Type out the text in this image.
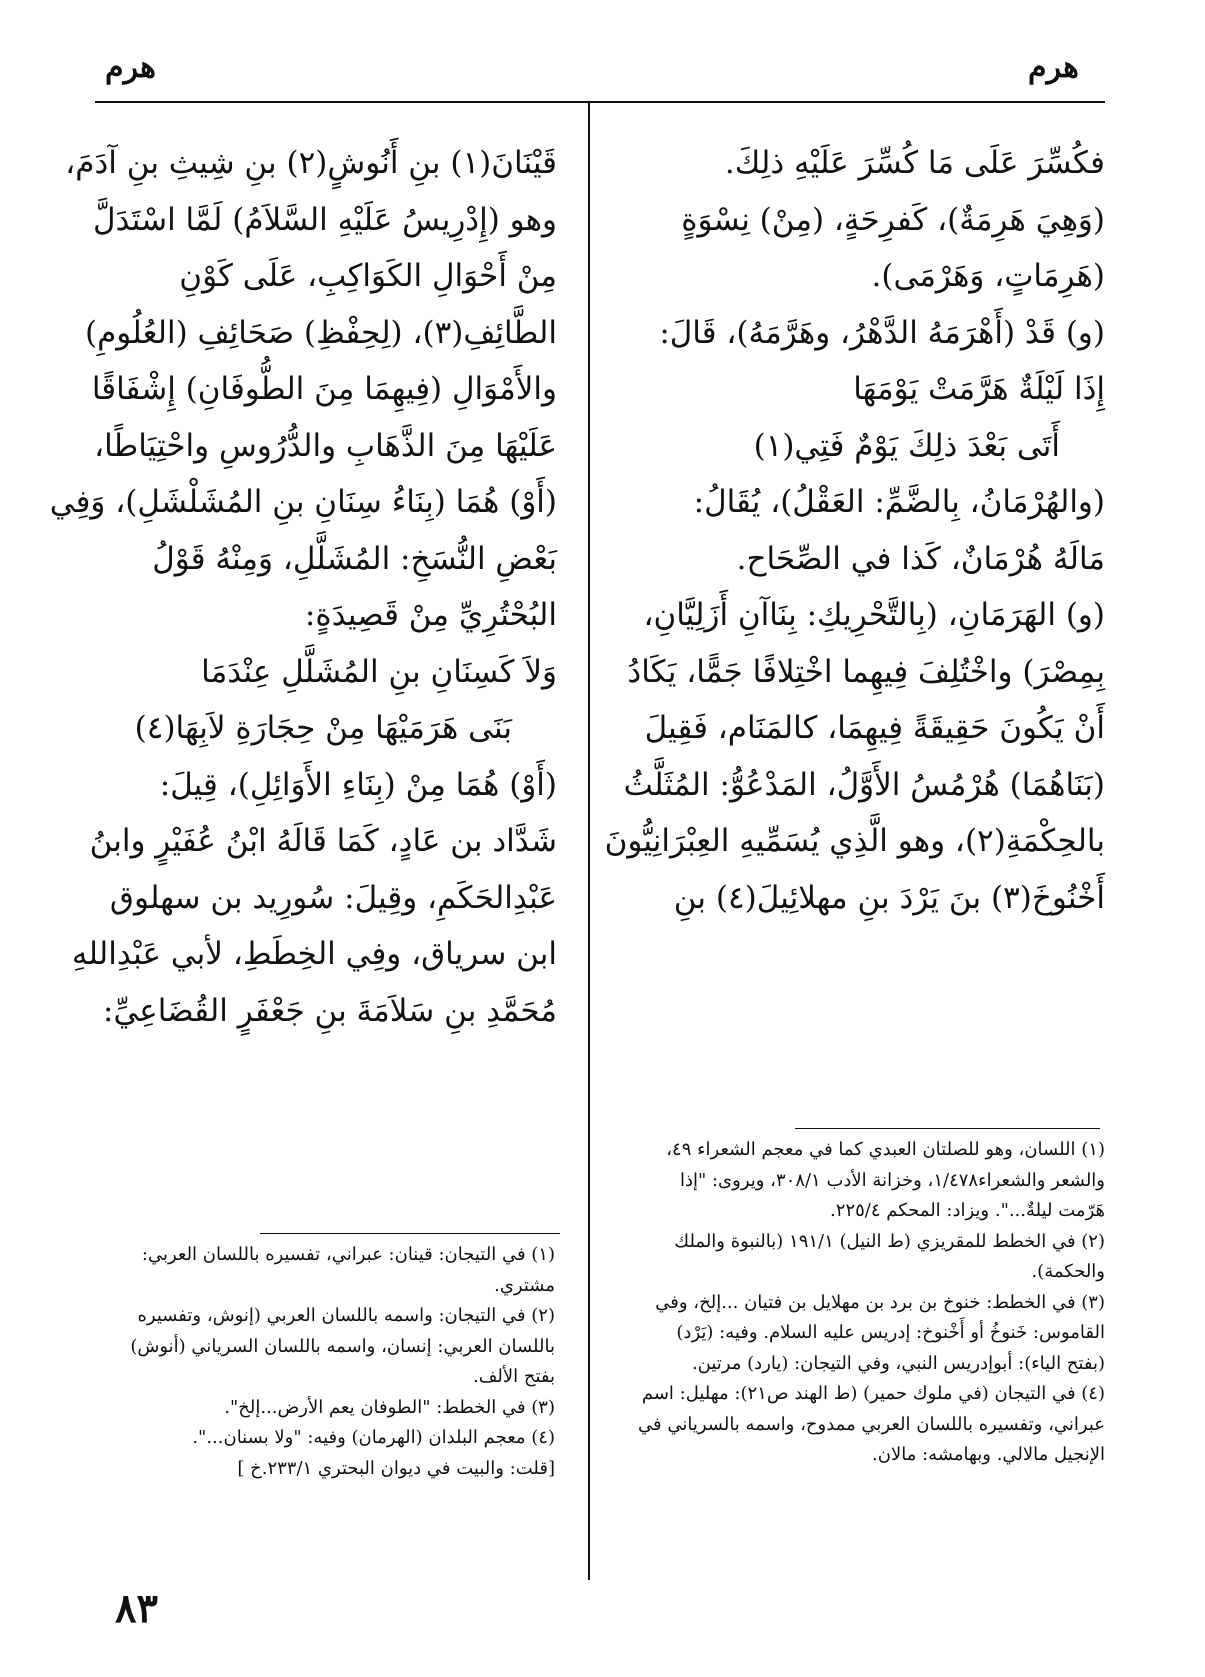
هرم
هرم
فكُسِّرَ عَلَى مَا كُسِّرَ عَلَيْهِ ذلِكَ.
(وَهِيَ هَرِمَةٌ)، كَفرِحَةٍ، (مِنْ) نِسْوَةٍ
(هَرِمَاتٍ، وَهَرْمَى).
(و) قَدْ (أَهْرَمَهُ الدَّهْرُ، وهَرَّمَهُ)، قَالَ:
إِذَا لَيْلَةٌ هَرَّمَتْ يَوْمَهَا
أَتَى بَعْدَ ذلِكَ يَوْمٌ فَتِي(١)
(والهُرْمَانُ، بِالضَّمِّ: العَقْلُ)، يُقَالُ:
مَالَهُ هُرْمَانٌ، كَذا في الصِّحَاح.
(و) الهَرَمَانِ، (بِالتَّحْرِيكِ: بِنَاآنِ أَزَلِيَّانِ،
بِمِصْرَ) واخْتُلِفَ فِيهِما اخْتِلافًا جَمًّا، يَكَادُ
أَنْ يَكُونَ حَقِيقَةً فِيهِمَا، كالمَنَام، فَقِيلَ
(بَنَاهُمَا) هُرْمُسُ الأَوَّلُ، المَدْعُوُّ: المُثَلَّثُ
بالحِكْمَةِ(٢)، وهو الَّذِي يُسَمِّيهِ العِبْرَانِيُّونَ
أَخْنُوخَ(٣) بنَ يَرْدَ بنِ مهلائِيلَ(٤) بنِ

(١) اللسان، وهو للصلتان العبدي كما في معجم الشعراء ٤٩، والشعر والشعراء١/٤٧٨، وخزانة الأدب ٣٠٨/١، ويروى: "إذا هَرّمت ليلةٌ...". ويزاد: المحكم ٢٢٥/٤.

(٢) في الخطط للمقريزي (ط النيل) ١٩١/١ (بالنبوة والملك والحكمة).

(٣) في الخطط: خنوخ بن برد بن مهلايل بن فتيان ...إلخ، وفي القاموس: خَنوخُ أو أَخْنوخ: إدريس عليه السلام. وفيه: (يَرْد) (بفتح الياء): أبوإدريس النبي، وفي التيجان: (يارد) مرتين.

(٤) في التيجان (في ملوك حمير) (ط الهند ص٢١): مهليل: اسم عبراني، وتفسيره باللسان العربي ممدوح، واسمه بالسرياني في الإنجيل مالالي. وبهامشه: مالان.

قَيْنَانَ(١) بنِ أَنُوشٍ(٢) بنِ شِيثِ بنِ آدَمَ،
وهو (إِدْرِيسُ عَلَيْهِ السَّلاَمُ) لَمَّا اسْتَدَلَّ
مِنْ أَحْوَالِ الكَوَاكِبِ، عَلَى كَوْنِ
الطَّائِفِ(٣)، (لِحِفْظِ) صَحَائِفِ (العُلُومِ)
والأَمْوَالِ (فِيهِمَا مِنَ الطُّوفَانِ) إِشْفَاقًا
عَلَيْهَا مِنَ الذَّهَابِ والدُّرُوسِ واحْتِيَاطًا،
(أَوْ) هُمَا (بِنَاءُ سِنَانِ بنِ المُشَلْشَلِ)، وَفِي
بَعْضِ النُّسَخِ: المُشَلَّلِ، وَمِنْهُ قَوْلُ
البُحْتُرِيِّ مِنْ قَصِيدَةٍ:
وَلاَ كَسِنَانِ بنِ المُشَلَّلِ عِنْدَمَا
بَنَى هَرَمَيْهَا مِنْ حِجَارَةِ لاَبِهَا(٤)
(أَوْ) هُمَا مِنْ (بِنَاءِ الأَوَائِلِ)، قِيلَ:
شَدَّاد بن عَادٍ، كَمَا قَالَهُ ابْنُ عُفَيْرٍ وابنُ
عَبْدِالحَكَمِ، وقِيلَ: سُورِيد بن سهلوق
ابن سرياق، وفِي الخِطَطِ، لأبي عَبْدِاللهِ
مُحَمَّدِ بنِ سَلاَمَةَ بنِ جَعْفَرٍ القُضَاعِيِّ:

(١) في التيجان: قينان: عبراني، تفسيره باللسان العربي: مشتري.

(٢) في التيجان: واسمه باللسان العربي (إنوش، وتفسيره باللسان العربي: إنسان، واسمه باللسان السرياني (أنوش) بفتح الألف.

(٣) في الخطط: "الطوفان يعم الأرض...إلخ".

(٤) معجم البلدان (الهرمان) وفيه: "ولا بسنان...".

[قلت: والبيت في ديوان البحتري ٢٣٣/١.خ ]

٨٣
